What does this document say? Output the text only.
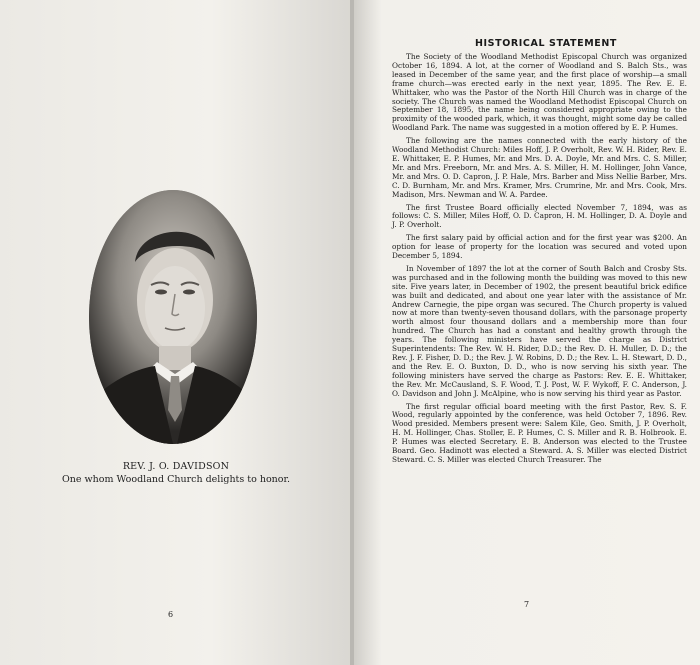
REV. J. O. DAVIDSON
One whom Woodland Church delights to honor.
6
HISTORICAL STATEMENT

The Society of the Woodland Methodist Episcopal Church was organized October 16, 1894. A lot, at the corner of Woodland and S. Balch Sts., was leased in December of the same year, and the first place of worship—a small frame church—was erected early in the next year, 1895. The Rev. E. E. Whittaker, who was the Pastor of the North Hill Church was in charge of the society. The Church was named the Woodland Methodist Episcopal Church on September 18, 1895, the name being considered appropriate owing to the proximity of the wooded park, which, it was thought, might some day be called Woodland Park. The name was suggested in a motion offered by E. P. Humes.

The following are the names connected with the early history of the Woodland Methodist Church: Miles Hoff, J. P. Overholt, Rev. W. H. Rider, Rev. E. E. Whittaker, E. P. Humes, Mr. and Mrs. D. A. Doyle, Mr. and Mrs. C. S. Miller, Mr. and Mrs. Freeborn, Mr. and Mrs. A. S. Miller, H. M. Hollinger, John Vance, Mr. and Mrs. O. D. Capron, J. P. Hale, Mrs. Barber and Miss Nellie Barber, Mrs. C. D. Burnham, Mr. and Mrs. Kramer, Mrs. Crumrine, Mr. and Mrs. Cook, Mrs. Madison, Mrs. Newman and W. A. Pardee.

The first Trustee Board officially elected November 7, 1894, was as follows: C. S. Miller, Miles Hoff, O. D. Capron, H. M. Hollinger, D. A. Doyle and J. P. Overholt.

The first salary paid by official action and for the first year was $200. An option for lease of property for the location was secured and voted upon December 5, 1894.

In November of 1897 the lot at the corner of South Balch and Crosby Sts. was purchased and in the following month the building was moved to this new site. Five years later, in December of 1902, the present beautiful brick edifice was built and dedicated, and about one year later with the assistance of Mr. Andrew Carnegie, the pipe organ was secured. The Church property is valued now at more than twenty-seven thousand dollars, with the parsonage property worth almost four thousand dollars and a membership more than four hundred. The Church has had a constant and healthy growth through the years. The following ministers have served the charge as District Superintendents: The Rev. W. H. Rider, D.D.; the Rev. D. H. Muller, D. D.; the Rev. J. F. Fisher, D. D.; the Rev. J. W. Robins, D. D.; the Rev. L. H. Stewart, D. D., and the Rev. E. O. Buxton, D. D., who is now serving his sixth year. The following ministers have served the charge as Pastors: Rev. E. E. Whittaker, the Rev. Mr. McCausland, S. F. Wood, T. J. Post, W. F. Wykoff, F. C. Anderson, J. O. Davidson and John J. McAlpine, who is now serving his third year as Pastor.

The first regular official board meeting with the first Pastor, Rev. S. F. Wood, regularly appointed by the conference, was held October 7, 1896. Rev. Wood presided. Members present were: Salem Kile, Geo. Smith, J. P. Overholt, H. M. Hollinger, Chas. Stoller, E. P. Humes, C. S. Miller and R. B. Holbrook. E. P. Humes was elected Secretary. E. B. Anderson was elected to the Trustee Board. Geo. Hadinott was elected a Steward. A. S. Miller was elected District Steward. C. S. Miller was elected Church Treasurer. The

7
